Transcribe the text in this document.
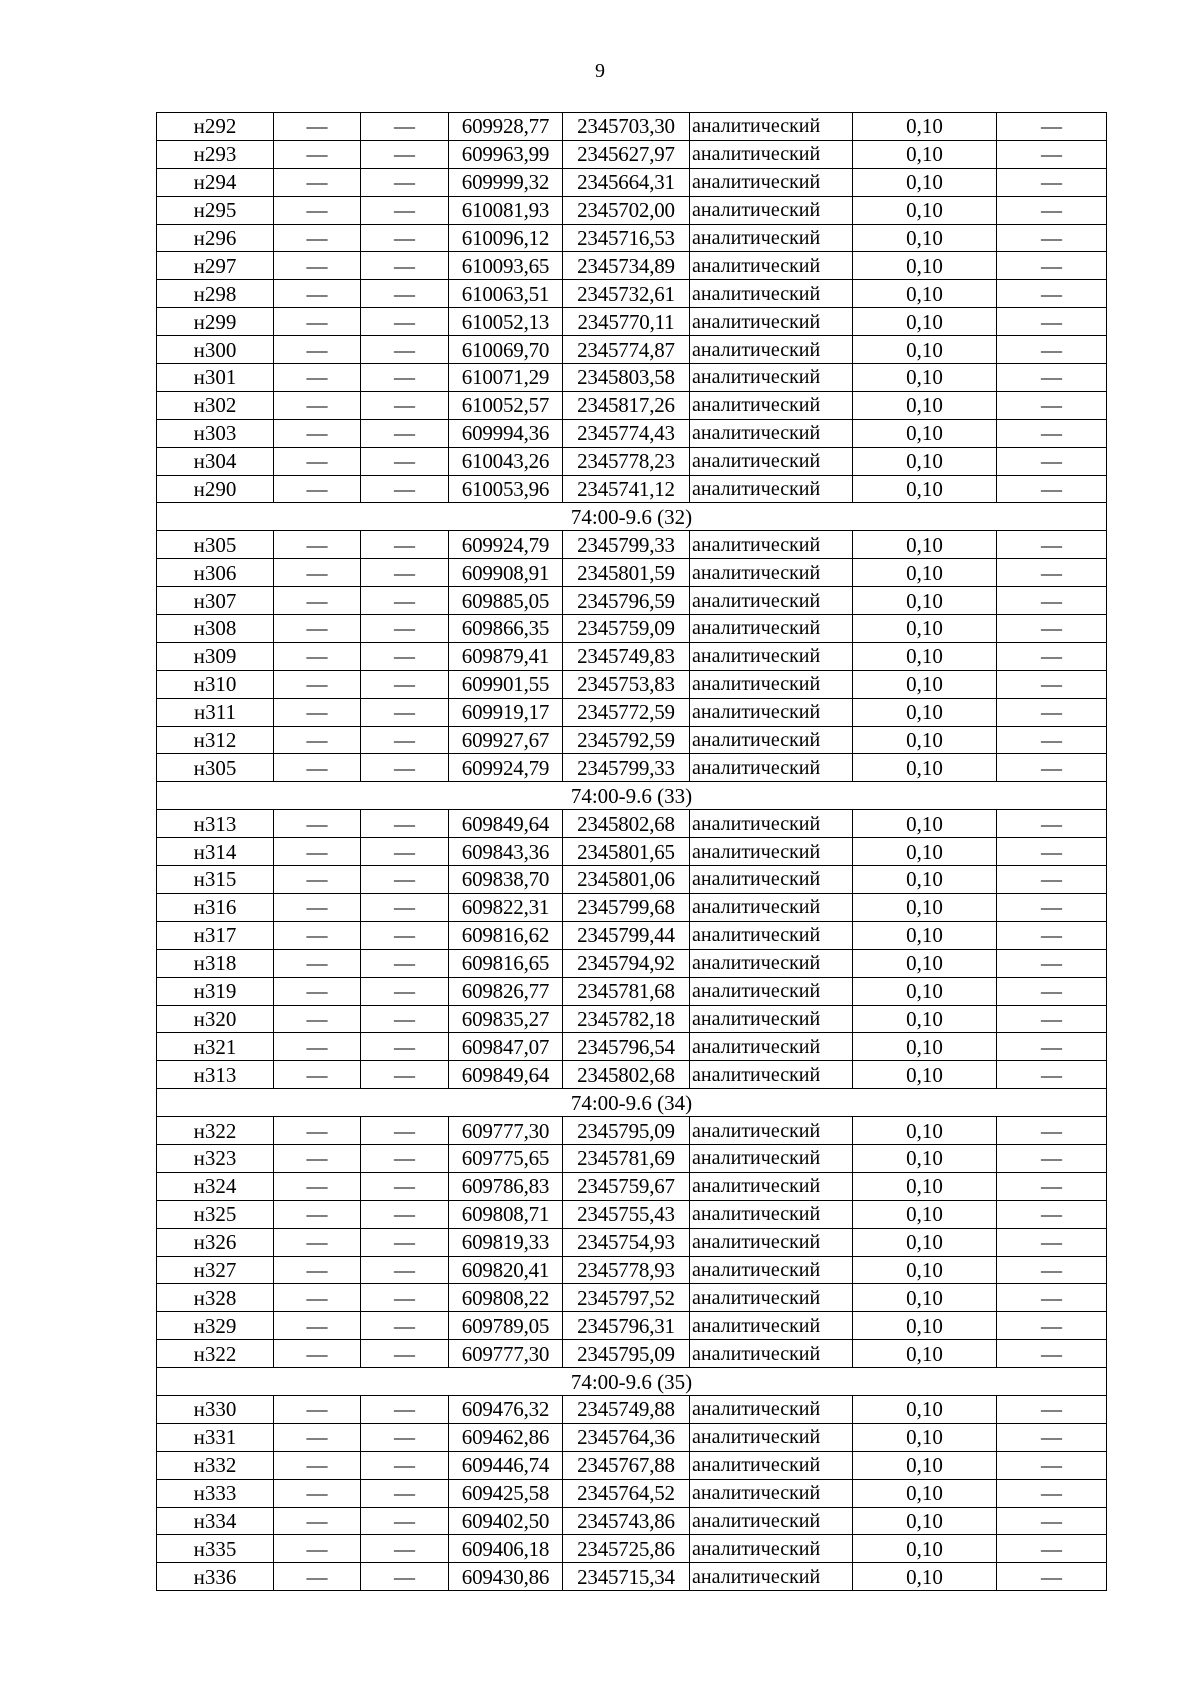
9
н292	—	—	609928,77	2345703,30	аналитический	0,10	—
н293	—	—	609963,99	2345627,97	аналитический	0,10	—
н294	—	—	609999,32	2345664,31	аналитический	0,10	—
н295	—	—	610081,93	2345702,00	аналитический	0,10	—
н296	—	—	610096,12	2345716,53	аналитический	0,10	—
н297	—	—	610093,65	2345734,89	аналитический	0,10	—
н298	—	—	610063,51	2345732,61	аналитический	0,10	—
н299	—	—	610052,13	2345770,11	аналитический	0,10	—
н300	—	—	610069,70	2345774,87	аналитический	0,10	—
н301	—	—	610071,29	2345803,58	аналитический	0,10	—
н302	—	—	610052,57	2345817,26	аналитический	0,10	—
н303	—	—	609994,36	2345774,43	аналитический	0,10	—
н304	—	—	610043,26	2345778,23	аналитический	0,10	—
н290	—	—	610053,96	2345741,12	аналитический	0,10	—
74:00-9.6 (32)							
н305	—	—	609924,79	2345799,33	аналитический	0,10	—
н306	—	—	609908,91	2345801,59	аналитический	0,10	—
н307	—	—	609885,05	2345796,59	аналитический	0,10	—
н308	—	—	609866,35	2345759,09	аналитический	0,10	—
н309	—	—	609879,41	2345749,83	аналитический	0,10	—
н310	—	—	609901,55	2345753,83	аналитический	0,10	—
н311	—	—	609919,17	2345772,59	аналитический	0,10	—
н312	—	—	609927,67	2345792,59	аналитический	0,10	—
н305	—	—	609924,79	2345799,33	аналитический	0,10	—
74:00-9.6 (33)							
н313	—	—	609849,64	2345802,68	аналитический	0,10	—
н314	—	—	609843,36	2345801,65	аналитический	0,10	—
н315	—	—	609838,70	2345801,06	аналитический	0,10	—
н316	—	—	609822,31	2345799,68	аналитический	0,10	—
н317	—	—	609816,62	2345799,44	аналитический	0,10	—
н318	—	—	609816,65	2345794,92	аналитический	0,10	—
н319	—	—	609826,77	2345781,68	аналитический	0,10	—
н320	—	—	609835,27	2345782,18	аналитический	0,10	—
н321	—	—	609847,07	2345796,54	аналитический	0,10	—
н313	—	—	609849,64	2345802,68	аналитический	0,10	—
74:00-9.6 (34)							
н322	—	—	609777,30	2345795,09	аналитический	0,10	—
н323	—	—	609775,65	2345781,69	аналитический	0,10	—
н324	—	—	609786,83	2345759,67	аналитический	0,10	—
н325	—	—	609808,71	2345755,43	аналитический	0,10	—
н326	—	—	609819,33	2345754,93	аналитический	0,10	—
н327	—	—	609820,41	2345778,93	аналитический	0,10	—
н328	—	—	609808,22	2345797,52	аналитический	0,10	—
н329	—	—	609789,05	2345796,31	аналитический	0,10	—
н322	—	—	609777,30	2345795,09	аналитический	0,10	—
74:00-9.6 (35)							
н330	—	—	609476,32	2345749,88	аналитический	0,10	—
н331	—	—	609462,86	2345764,36	аналитический	0,10	—
н332	—	—	609446,74	2345767,88	аналитический	0,10	—
н333	—	—	609425,58	2345764,52	аналитический	0,10	—
н334	—	—	609402,50	2345743,86	аналитический	0,10	—
н335	—	—	609406,18	2345725,86	аналитический	0,10	—
н336	—	—	609430,86	2345715,34	аналитический	0,10	—
